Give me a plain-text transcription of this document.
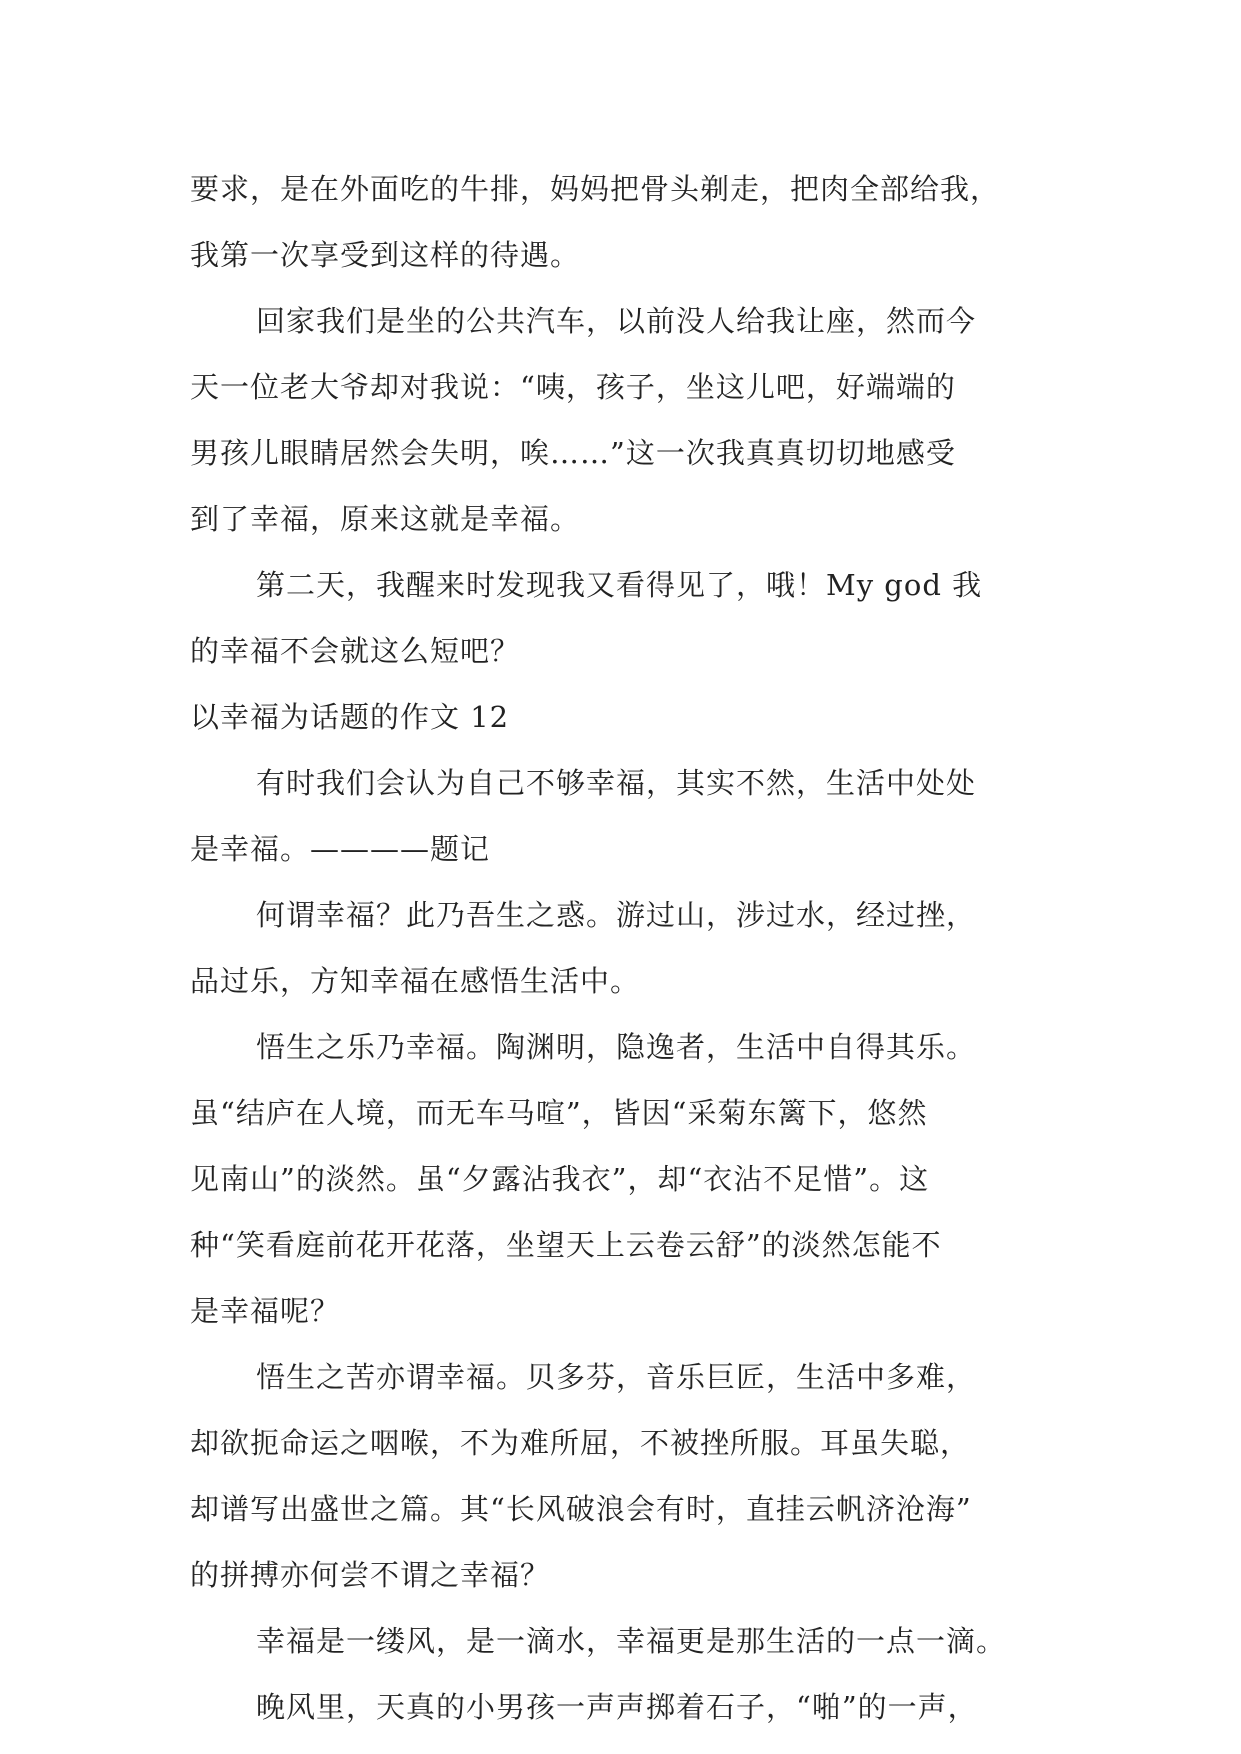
要求，是在外面吃的牛排，妈妈把骨头剃走，把肉全部给我，
我第一次享受到这样的待遇。
回家我们是坐的公共汽车，以前没人给我让座，然而今
天一位老大爷却对我说：“咦，孩子，坐这儿吧，好端端的
男孩儿眼睛居然会失明，唉……”这一次我真真切切地感受
到了幸福，原来这就是幸福。
第二天，我醒来时发现我又看得见了，哦！My god 我
的幸福不会就这么短吧？
以幸福为话题的作文 12
有时我们会认为自己不够幸福，其实不然，生活中处处
是幸福。————题记
何谓幸福？此乃吾生之惑。游过山，涉过水，经过挫，
品过乐，方知幸福在感悟生活中。
悟生之乐乃幸福。陶渊明，隐逸者，生活中自得其乐。
虽“结庐在人境，而无车马喧”，皆因“采菊东篱下，悠然
见南山”的淡然。虽“夕露沾我衣”，却“衣沾不足惜”。这
种“笑看庭前花开花落，坐望天上云卷云舒”的淡然怎能不
是幸福呢？
悟生之苦亦谓幸福。贝多芬，音乐巨匠，生活中多难，
却欲扼命运之咽喉，不为难所屈，不被挫所服。耳虽失聪，
却谱写出盛世之篇。其“长风破浪会有时，直挂云帆济沧海”
的拼搏亦何尝不谓之幸福？
幸福是一缕风，是一滴水，幸福更是那生活的一点一滴。
晚风里，天真的小男孩一声声掷着石子，“啪”的一声，
